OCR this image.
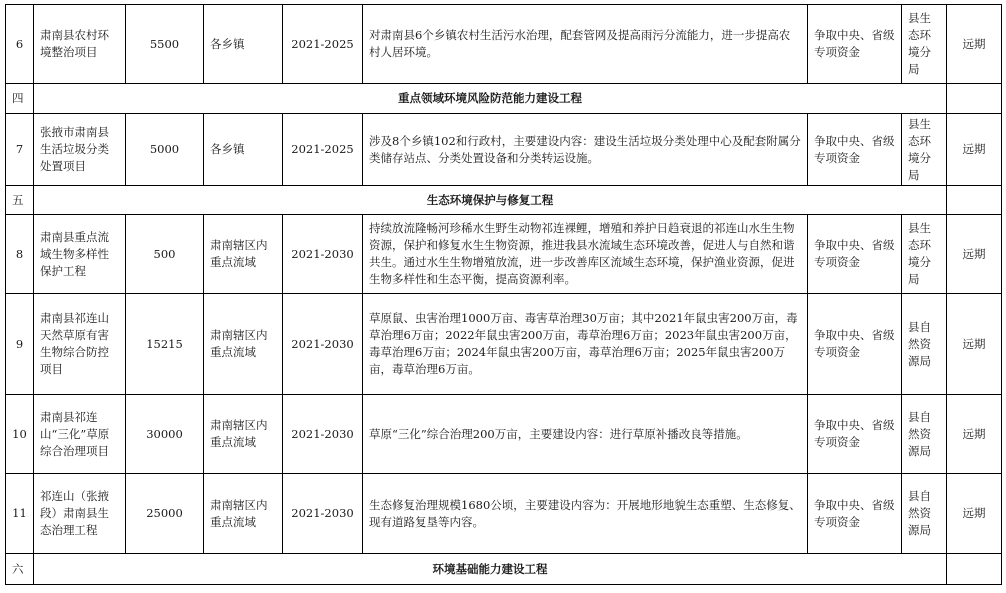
6	肃南县农村环境整治项目	5500	各乡镇	2021-2025	对肃南县6个乡镇农村生活污水治理，配套管网及提高雨污分流能力，进一步提高农村人居环境。	争取中央、省级专项资金	县生态环境分局	远期
四	重点领域环境风险防范能力建设工程							
7	张掖市肃南县生活垃圾分类处置项目	5000	各乡镇	2021-2025	涉及8个乡镇102和行政村，主要建设内容：建设生活垃圾分类处理中心及配套附属分类储存站点、分类处置设备和分类转运设施。	争取中央、省级专项资金	县生态环境分局	远期
五	生态环境保护与修复工程							
8	肃南县重点流域生物多样性保护工程	500	肃南辖区内重点流域	2021-2030	持续放流隆畅河珍稀水生野生动物祁连裸鲤，增殖和养护日趋衰退的祁连山水生生物资源，保护和修复水生生物资源，推进我县水流域生态环境改善，促进人与自然和谐共生。通过水生生物增殖放流，进一步改善库区流域生态环境，保护渔业资源，促进生物多样性和生态平衡，提高资源利率。	争取中央、省级专项资金	县生态环境分局	远期
9	肃南县祁连山天然草原有害生物综合防控项目	15215	肃南辖区内重点流域	2021-2030	草原鼠、虫害治理1000万亩、毒害草治理30万亩；其中2021年鼠虫害200万亩，毒草治理6万亩；2022年鼠虫害200万亩，毒草治理6万亩；2023年鼠虫害200万亩，毒草治理6万亩；2024年鼠虫害200万亩，毒草治理6万亩；2025年鼠虫害200万亩，毒草治理6万亩。	争取中央、省级专项资金	县自然资源局	远期
10	肃南县祁连山“三化”草原综合治理项目	30000	肃南辖区内重点流域	2021-2030	草原“三化”综合治理200万亩，主要建设内容：进行草原补播改良等措施。	争取中央、省级专项资金	县自然资源局	远期
11	祁连山（张掖段）肃南县生态治理工程	25000	肃南辖区内重点流域	2021-2030	生态修复治理规模1680公顷，主要建设内容为：开展地形地貌生态重塑、生态修复、现有道路复垦等内容。	争取中央、省级专项资金	县自然资源局	远期
六	环境基础能力建设工程							
